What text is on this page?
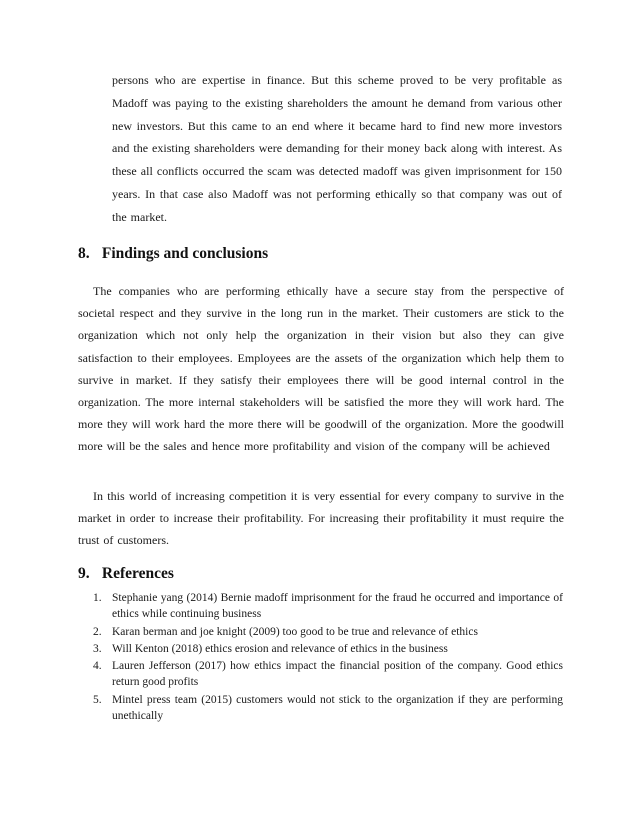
persons who are expertise in finance. But this scheme proved to be very profitable as Madoff was paying to the existing shareholders the amount he demand from various other new investors. But this came to an end where it became hard to find new more investors and the existing shareholders were demanding for their money back along with interest. As these all conflicts occurred the scam was detected madoff was given imprisonment for 150 years. In that case also Madoff was not performing ethically so that company was out of the market.

8. Findings and conclusions

The companies who are performing ethically have a secure stay from the perspective of societal respect and they survive in the long run in the market. Their customers are stick to the organization which not only help the organization in their vision but also they can give satisfaction to their employees. Employees are the assets of the organization which help them to survive in market. If they satisfy their employees there will be good internal control in the organization. The more internal stakeholders will be satisfied the more they will work hard. The more they will work hard the more there will be goodwill of the organization. More the goodwill more will be the sales and hence more profitability and vision of the company will be achieved

In this world of increasing competition it is very essential for every company to survive in the market in order to increase their profitability. For increasing their profitability it must require the trust of customers.

9. References
1. Stephanie yang (2014) Bernie madoff imprisonment for the fraud he occurred and importance of ethics while continuing business
2. Karan berman and joe knight (2009) too good to be true and relevance of ethics
3. Will Kenton (2018) ethics erosion and relevance of ethics in the business
4. Lauren Jefferson (2017) how ethics impact the financial position of the company. Good ethics return good profits
5. Mintel press team (2015) customers would not stick to the organization if they are performing unethically
